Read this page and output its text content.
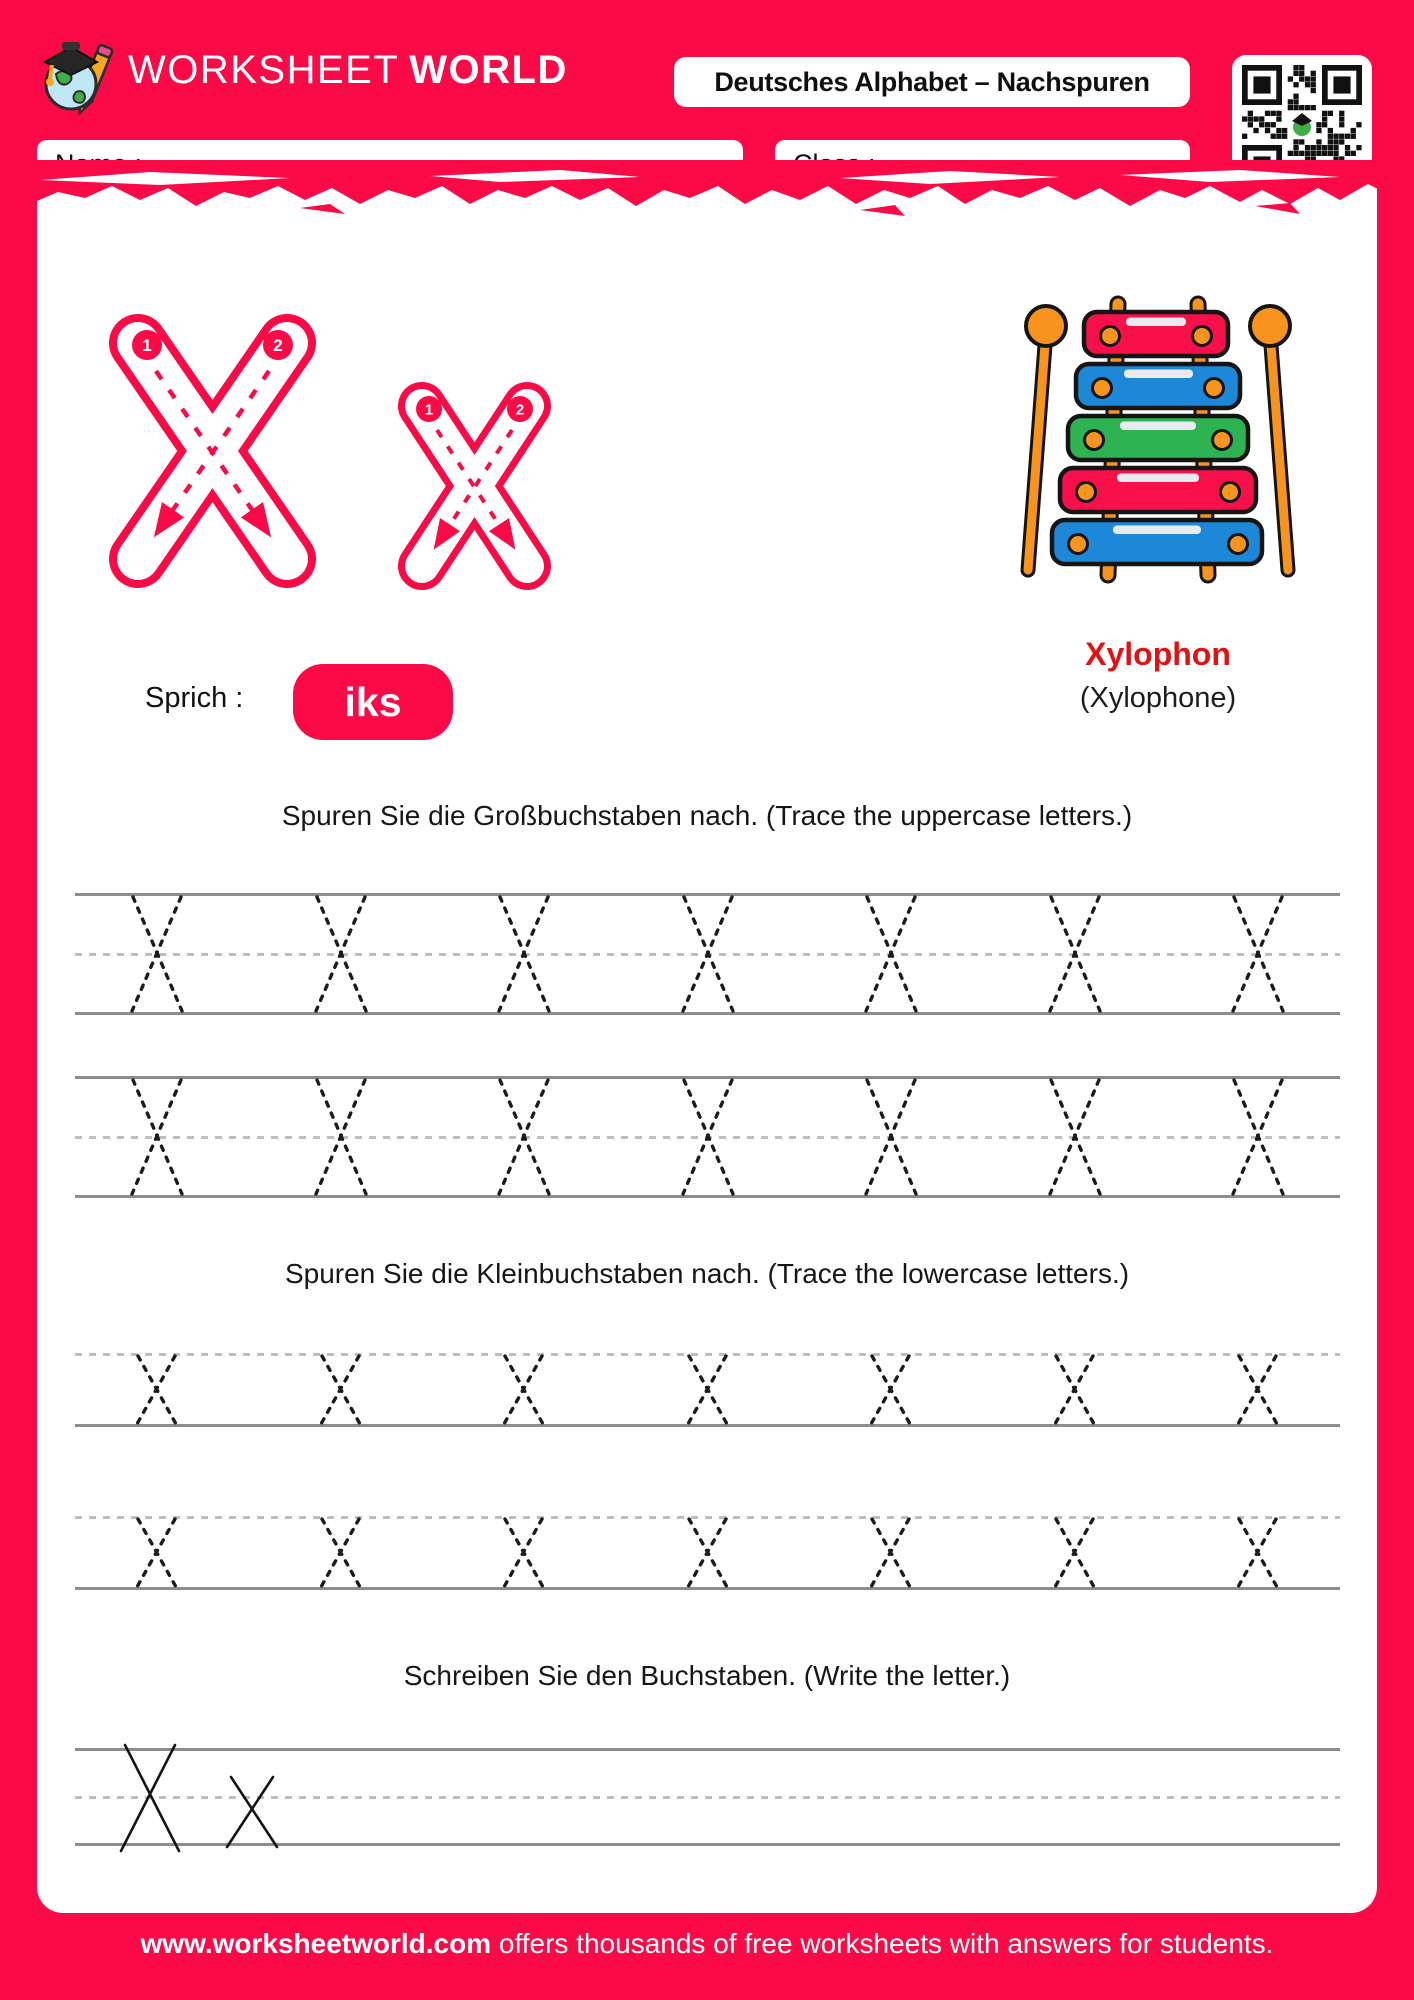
WORKSHEET WORLD	Deutsches Alphabet – Nachspuren
1	2
1	2
Xylophon
(Xylophone)
Sprich :	iks
Spuren Sie die Großbuchstaben nach. (Trace the uppercase letters.)
Spuren Sie die Kleinbuchstaben nach. (Trace the lowercase letters.)
Schreiben Sie den Buchstaben. (Write the letter.)
www.worksheetworld.com offers thousands of free worksheets with answers for students.
